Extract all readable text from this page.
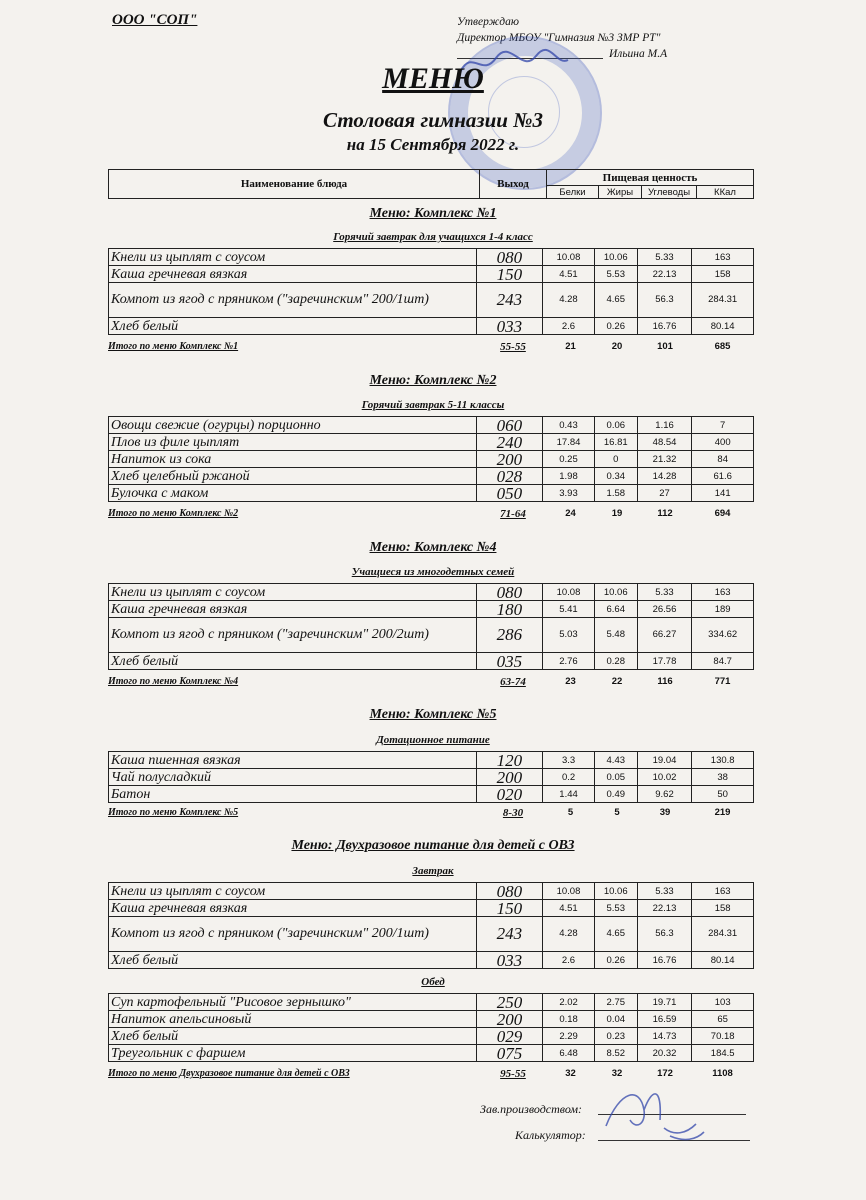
ООО "СОП"	Утверждаю
Директор МБОУ "Гимназия №3 ЗМР РТ"
Ильина М.А
МЕНЮ
Столовая гимназии №3
на 15 Сентября 2022 г.
Наименование блюда	Выход	Пищевая ценность			
		Белки	Жиры	Углеводы	ККал
Меню: Комплекс №1
Горячий завтрак для учащихся 1-4 класс
Кнели из цыплят с соусом	080	10.08	10.06	5.33	163
Каша гречневая вязкая	150	4.51	5.53	22.13	158
Компот из ягод с пряником ("заречинским" 200/1шт)	243	4.28	4.65	56.3	284.31
Хлеб белый	033	2.6	0.26	16.76	80.14
Итого по меню Комплекс №1	55-55	21	20	101	685
Меню: Комплекс №2
Горячий завтрак 5-11 классы
Овощи свежие (огурцы) порционно	060	0.43	0.06	1.16	7
Плов из филе цыплят	240	17.84	16.81	48.54	400
Напиток из сока	200	0.25	0	21.32	84
Хлеб целебный ржаной	028	1.98	0.34	14.28	61.6
Булочка с маком	050	3.93	1.58	27	141
Итого по меню Комплекс №2	71-64	24	19	112	694
Меню: Комплекс №4
Учащиеся из многодетных семей
Кнели из цыплят с соусом	080	10.08	10.06	5.33	163
Каша гречневая вязкая	180	5.41	6.64	26.56	189
Компот из ягод с пряником ("заречинским" 200/2шт)	286	5.03	5.48	66.27	334.62
Хлеб белый	035	2.76	0.28	17.78	84.7
Итого по меню Комплекс №4	63-74	23	22	116	771
Меню: Комплекс №5
Дотационное питание
Каша пшенная вязкая	120	3.3	4.43	19.04	130.8
Чай полусладкий	200	0.2	0.05	10.02	38
Батон	020	1.44	0.49	9.62	50
Итого по меню Комплекс №5	8-30	5	5	39	219
Меню: Двухразовое питание для детей с ОВЗ
Завтрак
Кнели из цыплят с соусом	080	10.08	10.06	5.33	163
Каша гречневая вязкая	150	4.51	5.53	22.13	158
Компот из ягод с пряником ("заречинским" 200/1шт)	243	4.28	4.65	56.3	284.31
Хлеб белый	033	2.6	0.26	16.76	80.14
Обед
Суп картофельный "Рисовое зернышко"	250	2.02	2.75	19.71	103
Напиток апельсиновый	200	0.18	0.04	16.59	65
Хлеб белый	029	2.29	0.23	14.73	70.18
Треугольник с фаршем	075	6.48	8.52	20.32	184.5
Итого по меню Двухразовое питание для детей с ОВЗ	95-55	32	32	172	1108
Зав.производством:
Калькулятор:
